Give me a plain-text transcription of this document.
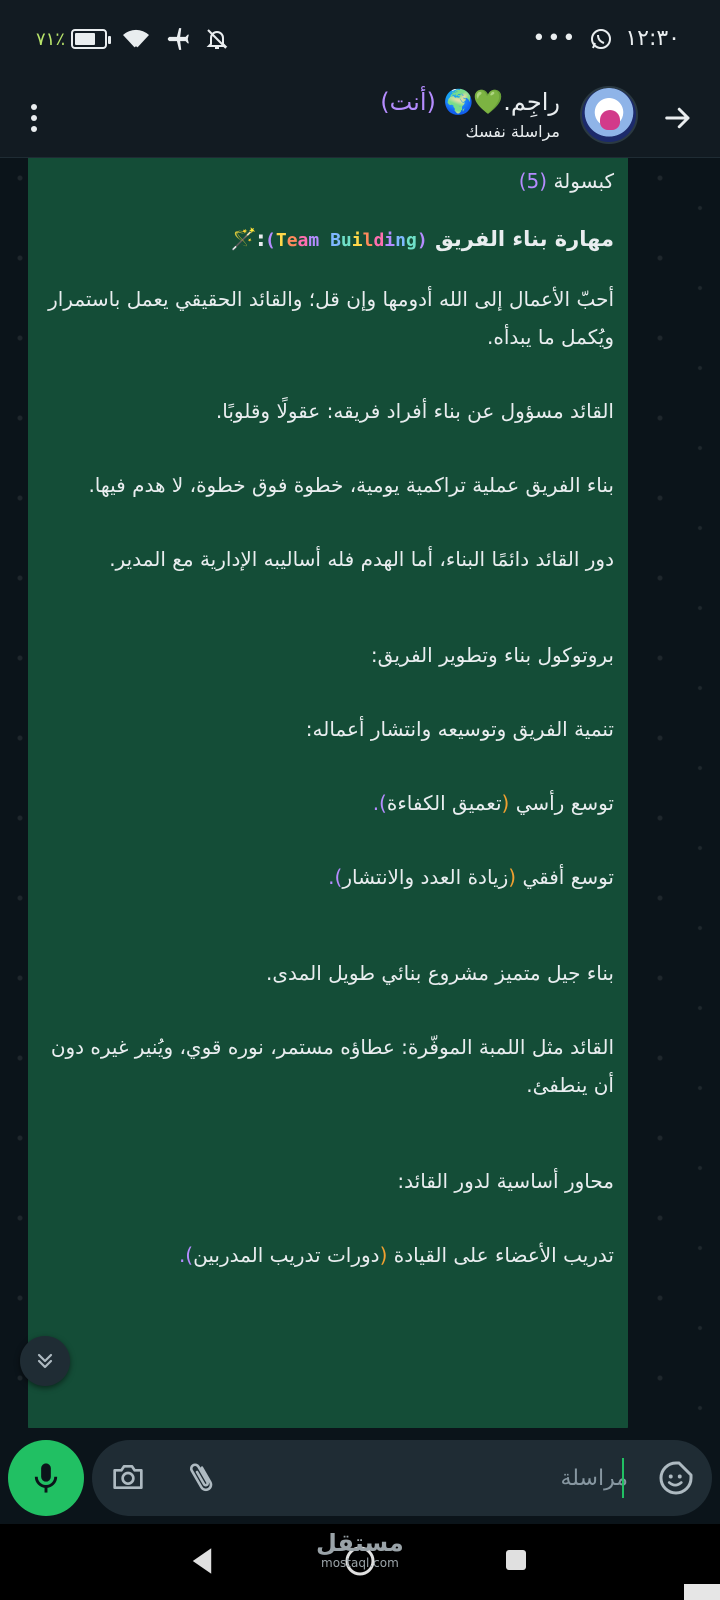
٧١٪	••• ١٢:٣٠
راجِم.💚🌍 (أنت)
مراسلة نفسك

كبسولة (5)

مهارة بناء الفريق (Team Building):🪄

أحبّ الأعمال إلى الله أدومها وإن قل؛ والقائد الحقيقي يعمل باستمرار ويُكمل ما يبدأه.

القائد مسؤول عن بناء أفراد فريقه: عقولًا وقلوبًا.

بناء الفريق عملية تراكمية يومية، خطوة فوق خطوة، لا هدم فيها.

دور القائد دائمًا البناء، أما الهدم فله أساليبه الإدارية مع المدير.

بروتوكول بناء وتطوير الفريق:

تنمية الفريق وتوسيعه وانتشار أعماله:

توسع رأسي (تعميق الكفاءة).

توسع أفقي (زيادة العدد والانتشار).

بناء جيل متميز مشروع بنائي طويل المدى.

القائد مثل اللمبة الموفّرة: عطاؤه مستمر، نوره قوي، ويُنير غيره دون أن ينطفئ.

محاور أساسية لدور القائد:

تدريب الأعضاء على القيادة (دورات تدريب المدربين).

مراسلة
مستقل
mostaql.com
